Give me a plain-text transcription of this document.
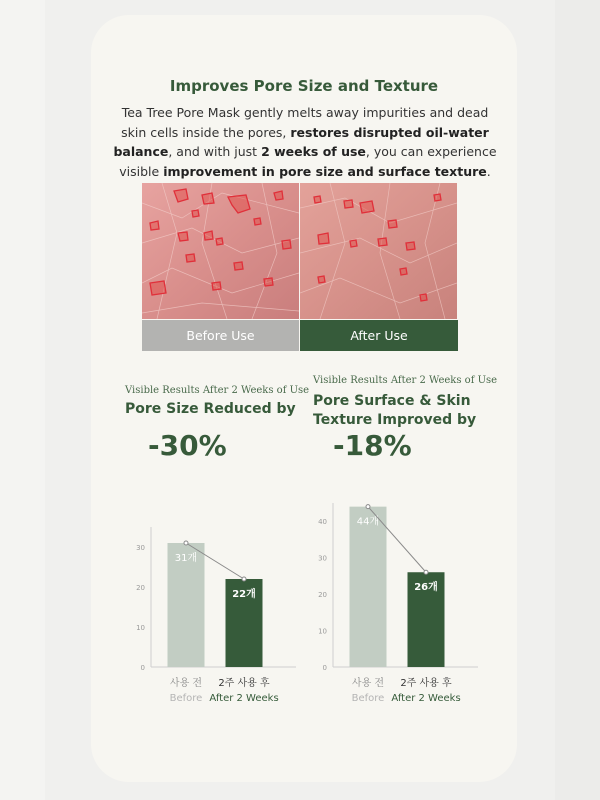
Improves Pore Size and Texture

Tea Tree Pore Mask gently melts away impurities and dead skin cells inside the pores, restores disrupted oil-water balance, and with just 2 weeks of use, you can experience visible improvement in pore size and surface texture.

Before Use	After Use
Visible Results After 2 Weeks of Use
Pore Size Reduced by
-30%
Visible Results After 2 Weeks of Use
Pore Surface & Skin Texture Improved by
-18%
0
10
20
30
31개
사용 전
Before
22개
2주 사용 후
After 2 Weeks
0
10
20
30
40	44개
사용 전
Before
26개
2주 사용 후
After 2 Weeks
